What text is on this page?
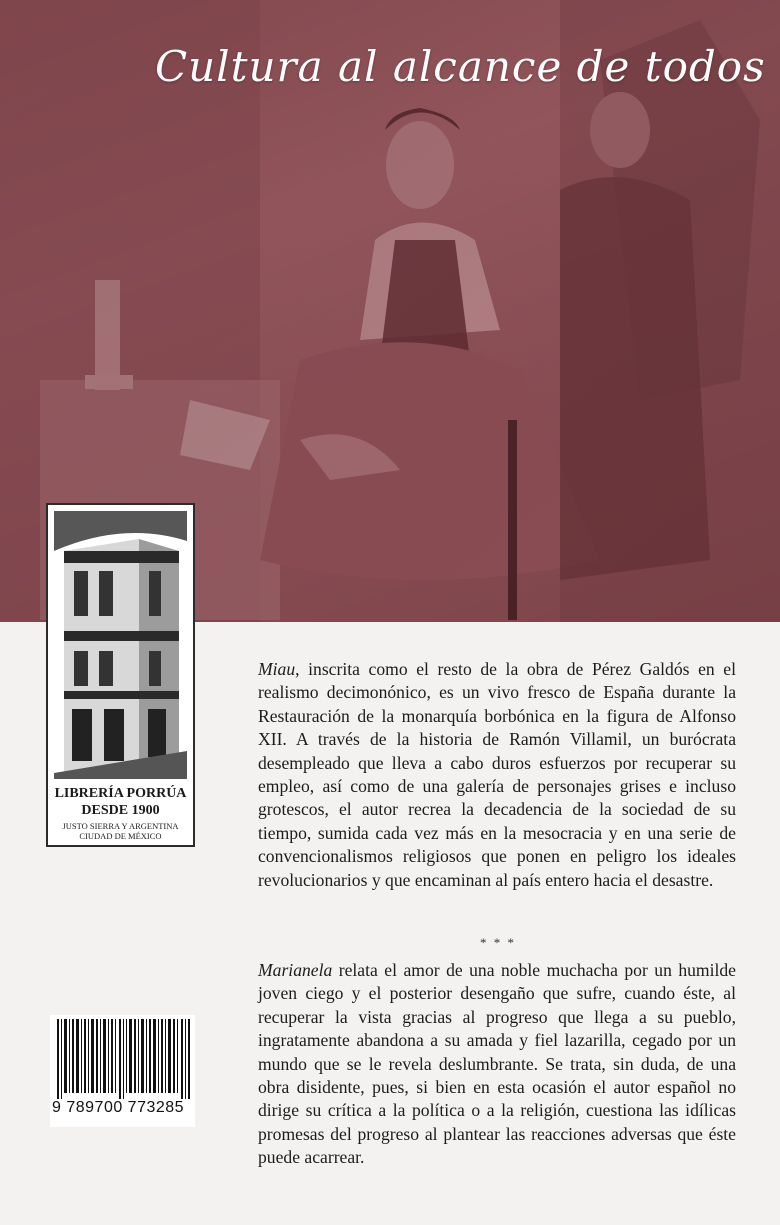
Cultura al alcance de todos
LIBRERÍA PORRÚA
DESDE 1900
JUSTO SIERRA Y ARGENTINA
CIUDAD DE MÉXICO

Miau, inscrita como el resto de la obra de Pérez Galdós en el realismo decimonónico, es un vivo fresco de España durante la Restauración de la monarquía borbónica en la figura de Alfonso XII. A través de la historia de Ramón Villamil, un burócrata desempleado que lleva a cabo duros esfuerzos por recuperar su empleo, así como de una galería de personajes grises e incluso grotescos, el autor recrea la decadencia de la sociedad de su tiempo, sumida cada vez más en la mesocracia y en una serie de convencionalismos religiosos que ponen en peligro los ideales revolucionarios y que encaminan al país entero hacia el desastre.

* * *

Marianela relata el amor de una noble muchacha por un humilde joven ciego y el posterior desengaño que sufre, cuando éste, al recuperar la vista gracias al progreso que llega a su pueblo, ingratamente abandona a su amada y fiel lazarilla, cegado por un mundo que se le revela deslumbrante. Se trata, sin duda, de una obra disidente, pues, si bien en esta ocasión el autor español no dirige su crítica a la política o a la religión, cuestiona las idílicas promesas del progreso al plantear las reacciones adversas que éste puede acarrear.

9 789700 773285
